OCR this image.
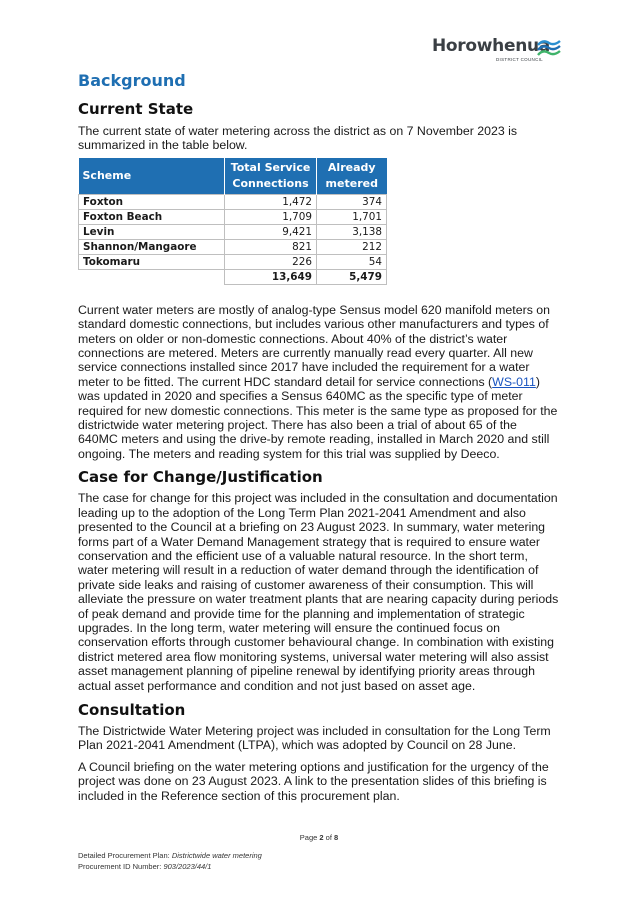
Horowhenua
DISTRICT COUNCIL
Background
Current State

The current state of water metering across the district as on 7 November 2023 is summarized in the table below.

Scheme	Total Service Connections	Already metered
Foxton	1,472	374
Foxton Beach	1,709	1,701
Levin	9,421	3,138
Shannon/Mangaore	821	212
Tokomaru	226	54
	13,649	5,479

Current water meters are mostly of analog-type Sensus model 620 manifold meters on standard domestic connections, but includes various other manufacturers and types of meters on older or non-domestic connections. About 40% of the district’s water connections are metered. Meters are currently manually read every quarter. All new service connections installed since 2017 have included the requirement for a water meter to be fitted. The current HDC standard detail for service connections (WS-011) was updated in 2020 and specifies a Sensus 640MC as the specific type of meter required for new domestic connections. This meter is the same type as proposed for the districtwide water metering project. There has also been a trial of about 65 of the 640MC meters and using the drive-by remote reading, installed in March 2020 and still ongoing. The meters and reading system for this trial was supplied by Deeco.

Case for Change/Justification

The case for change for this project was included in the consultation and documentation leading up to the adoption of the Long Term Plan 2021-2041 Amendment and also presented to the Council at a briefing on 23 August 2023. In summary, water metering forms part of a Water Demand Management strategy that is required to ensure water conservation and the efficient use of a valuable natural resource. In the short term, water metering will result in a reduction of water demand through the identification of private side leaks and raising of customer awareness of their consumption. This will alleviate the pressure on water treatment plants that are nearing capacity during periods of peak demand and provide time for the planning and implementation of strategic upgrades. In the long term, water metering will ensure the continued focus on conservation efforts through customer behavioural change. In combination with existing district metered area flow monitoring systems, universal water metering will also assist asset management planning of pipeline renewal by identifying priority areas through actual asset performance and condition and not just based on asset age.

Consultation

The Districtwide Water Metering project was included in consultation for the Long Term Plan 2021-2041 Amendment (LTPA), which was adopted by Council on 28 June.

A Council briefing on the water metering options and justification for the urgency of the project was done on 23 August 2023. A link to the presentation slides of this briefing is included in the Reference section of this procurement plan.

Page 2 of 8
Detailed Procurement Plan: Districtwide water metering
Procurement ID Number: 903/2023/44/1
